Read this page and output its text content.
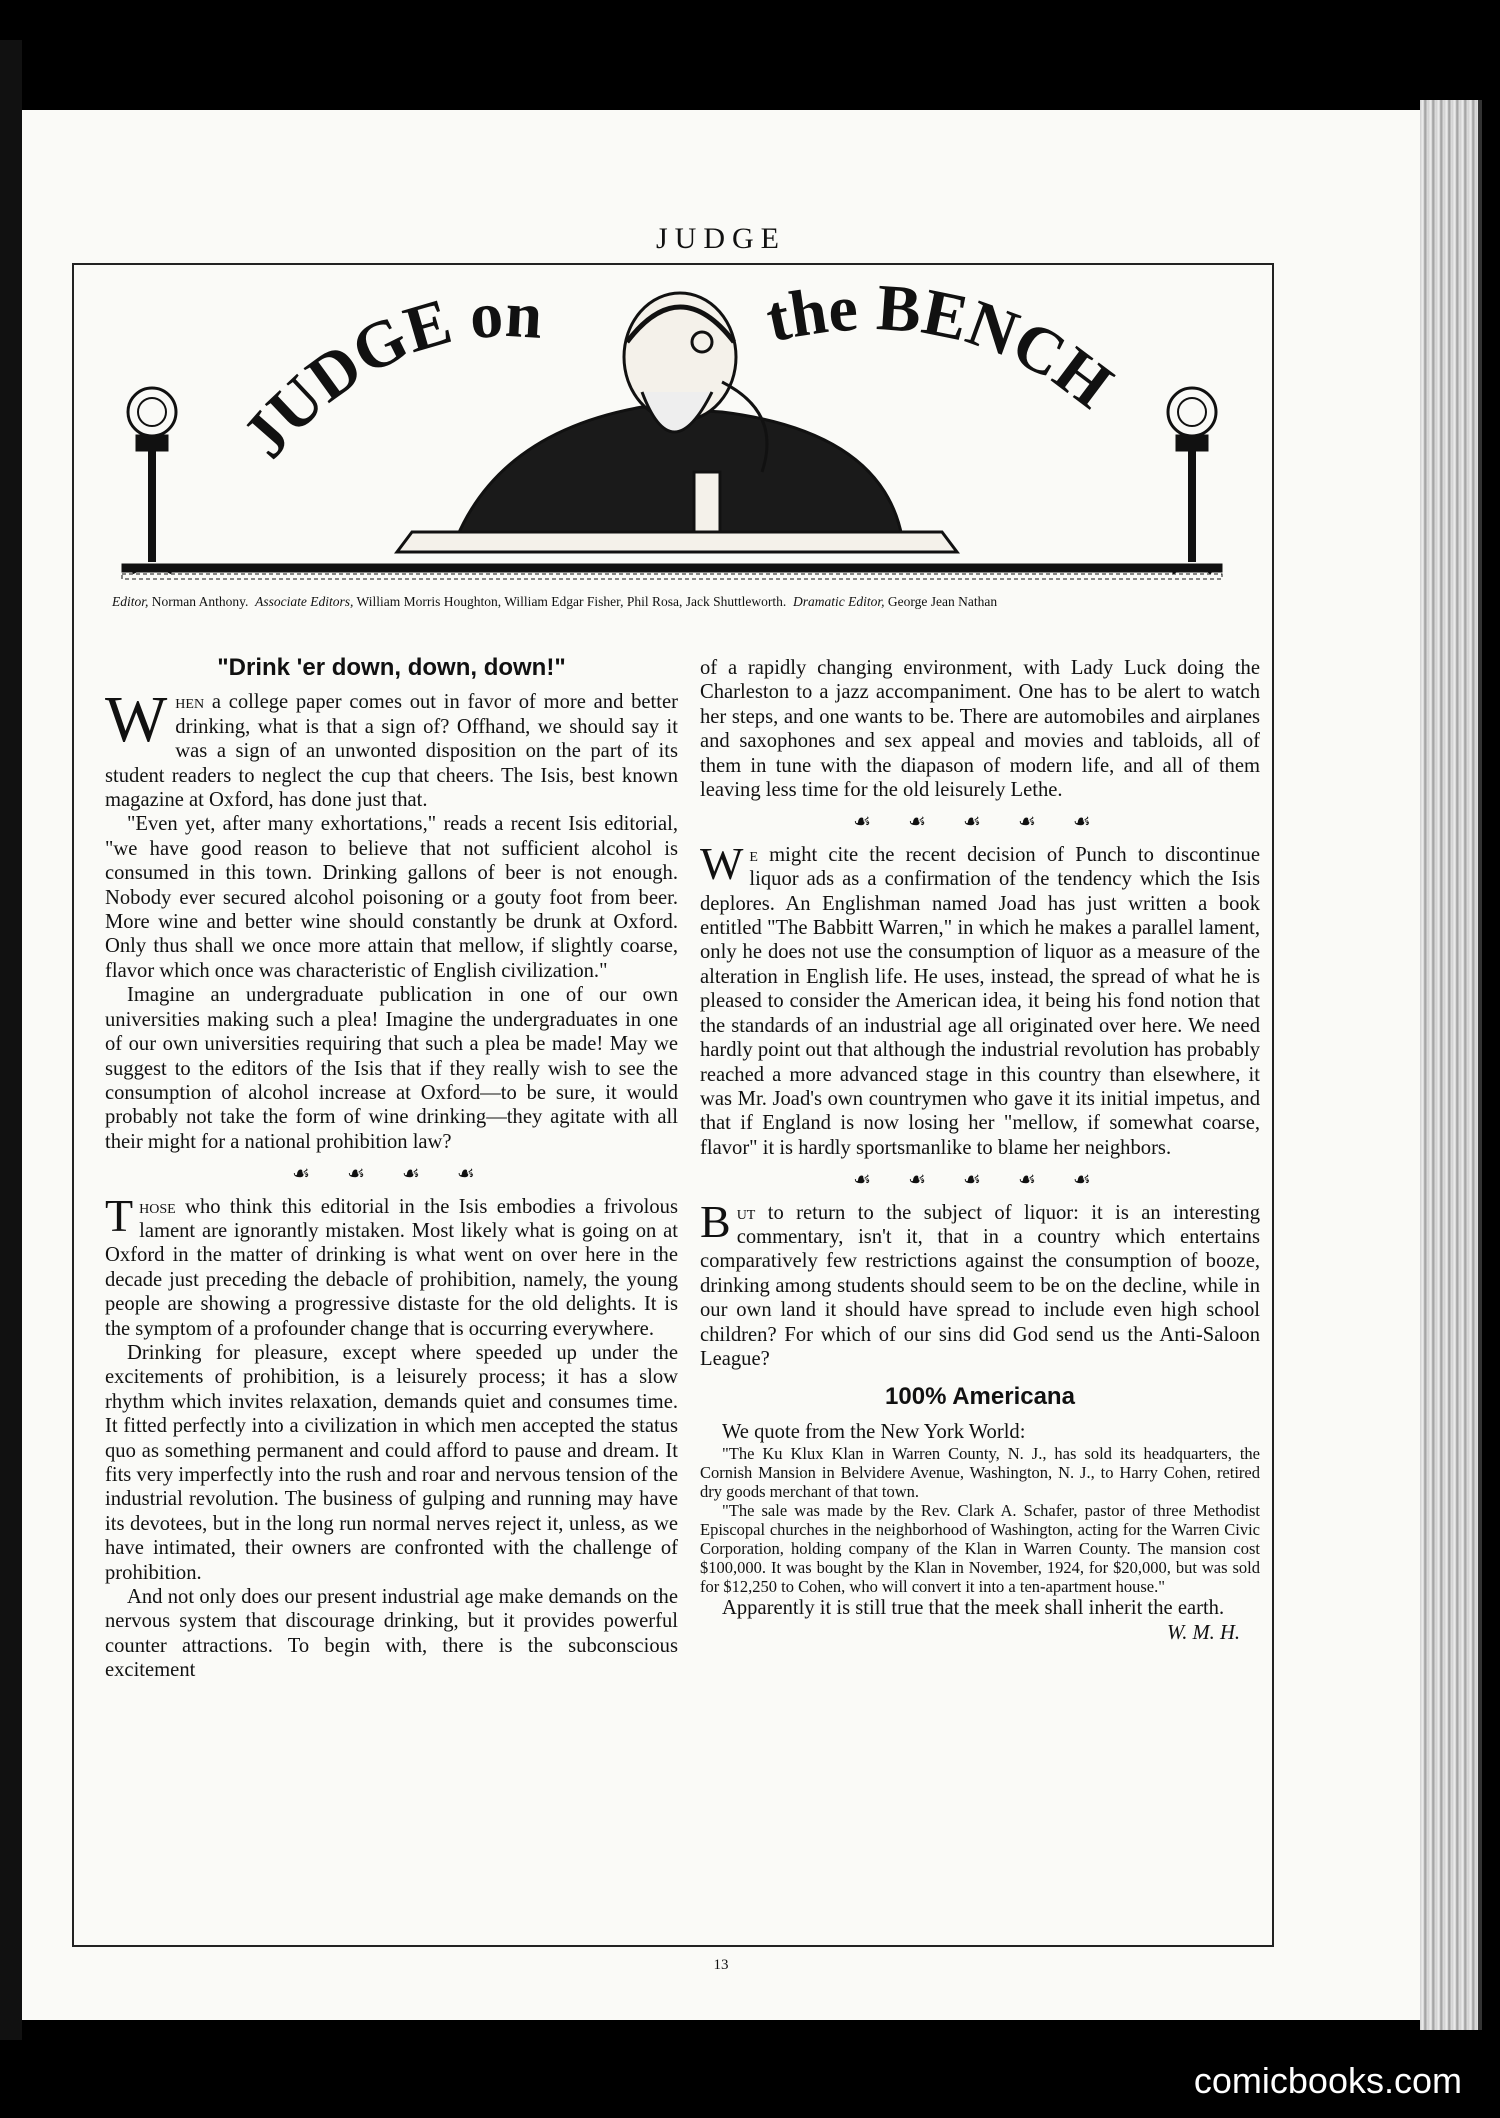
JUDGE
JUDGE on	the BENCH
Editor, Norman Anthony. Associate Editors, William Morris Houghton, William Edgar Fisher, Phil Rosa, Jack Shuttleworth. Dramatic Editor, George Jean Nathan
"Drink 'er down, down, down!"

When a college paper comes out in favor of more and better drinking, what is that a sign of? Offhand, we should say it was a sign of an unwonted disposition on the part of its student readers to neglect the cup that cheers. The Isis, best known magazine at Oxford, has done just that.

"Even yet, after many exhortations," reads a recent Isis editorial, "we have good reason to believe that not sufficient alcohol is consumed in this town. Drinking gallons of beer is not enough. Nobody ever secured alcohol poisoning or a gouty foot from beer. More wine and better wine should constantly be drunk at Oxford. Only thus shall we once more attain that mellow, if slightly coarse, flavor which once was characteristic of English civilization."

Imagine an undergraduate publication in one of our own universities making such a plea! Imagine the undergraduates in one of our own universities requiring that such a plea be made! May we suggest to the editors of the Isis that if they really wish to see the consumption of alcohol increase at Oxford—to be sure, it would probably not take the form of wine drinking—they agitate with all their might for a national prohibition law?

☙ ☙ ☙ ☙

Those who think this editorial in the Isis embodies a frivolous lament are ignorantly mistaken. Most likely what is going on at Oxford in the matter of drinking is what went on over here in the decade just preceding the debacle of prohibition, namely, the young people are showing a progressive distaste for the old delights. It is the symptom of a profounder change that is occurring everywhere.

Drinking for pleasure, except where speeded up under the excitements of prohibition, is a leisurely process; it has a slow rhythm which invites relaxation, demands quiet and consumes time. It fitted perfectly into a civilization in which men accepted the status quo as something permanent and could afford to pause and dream. It fits very imperfectly into the rush and roar and nervous tension of the industrial revolution. The business of gulping and running may have its devotees, but in the long run normal nerves reject it, unless, as we have intimated, their owners are confronted with the challenge of prohibition.

And not only does our present industrial age make demands on the nervous system that discourage drinking, but it provides powerful counter attractions. To begin with, there is the subconscious excitement

of a rapidly changing environment, with Lady Luck doing the Charleston to a jazz accompaniment. One has to be alert to watch her steps, and one wants to be. There are automobiles and airplanes and saxophones and sex appeal and movies and tabloids, all of them in tune with the diapason of modern life, and all of them leaving less time for the old leisurely Lethe.

☙ ☙ ☙ ☙ ☙

We might cite the recent decision of Punch to discontinue liquor ads as a confirmation of the tendency which the Isis deplores. An Englishman named Joad has just written a book entitled "The Babbitt Warren," in which he makes a parallel lament, only he does not use the consumption of liquor as a measure of the alteration in English life. He uses, instead, the spread of what he is pleased to consider the American idea, it being his fond notion that the standards of an industrial age all originated over here. We need hardly point out that although the industrial revolution has probably reached a more advanced stage in this country than elsewhere, it was Mr. Joad's own countrymen who gave it its initial impetus, and that if England is now losing her "mellow, if somewhat coarse, flavor" it is hardly sportsmanlike to blame her neighbors.

☙ ☙ ☙ ☙ ☙

But to return to the subject of liquor: it is an interesting commentary, isn't it, that in a country which entertains comparatively few restrictions against the consumption of booze, drinking among students should seem to be on the decline, while in our own land it should have spread to include even high school children? For which of our sins did God send us the Anti-Saloon League?

100% Americana

We quote from the New York World:

"The Ku Klux Klan in Warren County, N. J., has sold its headquarters, the Cornish Mansion in Belvidere Avenue, Washington, N. J., to Harry Cohen, retired dry goods merchant of that town.

"The sale was made by the Rev. Clark A. Schafer, pastor of three Methodist Episcopal churches in the neighborhood of Washington, acting for the Warren Civic Corporation, holding company of the Klan in Warren County. The mansion cost $100,000. It was bought by the Klan in November, 1924, for $20,000, but was sold for $12,250 to Cohen, who will convert it into a ten-apartment house."

Apparently it is still true that the meek shall inherit the earth.
W. M. H.

13
comicbooks.com
